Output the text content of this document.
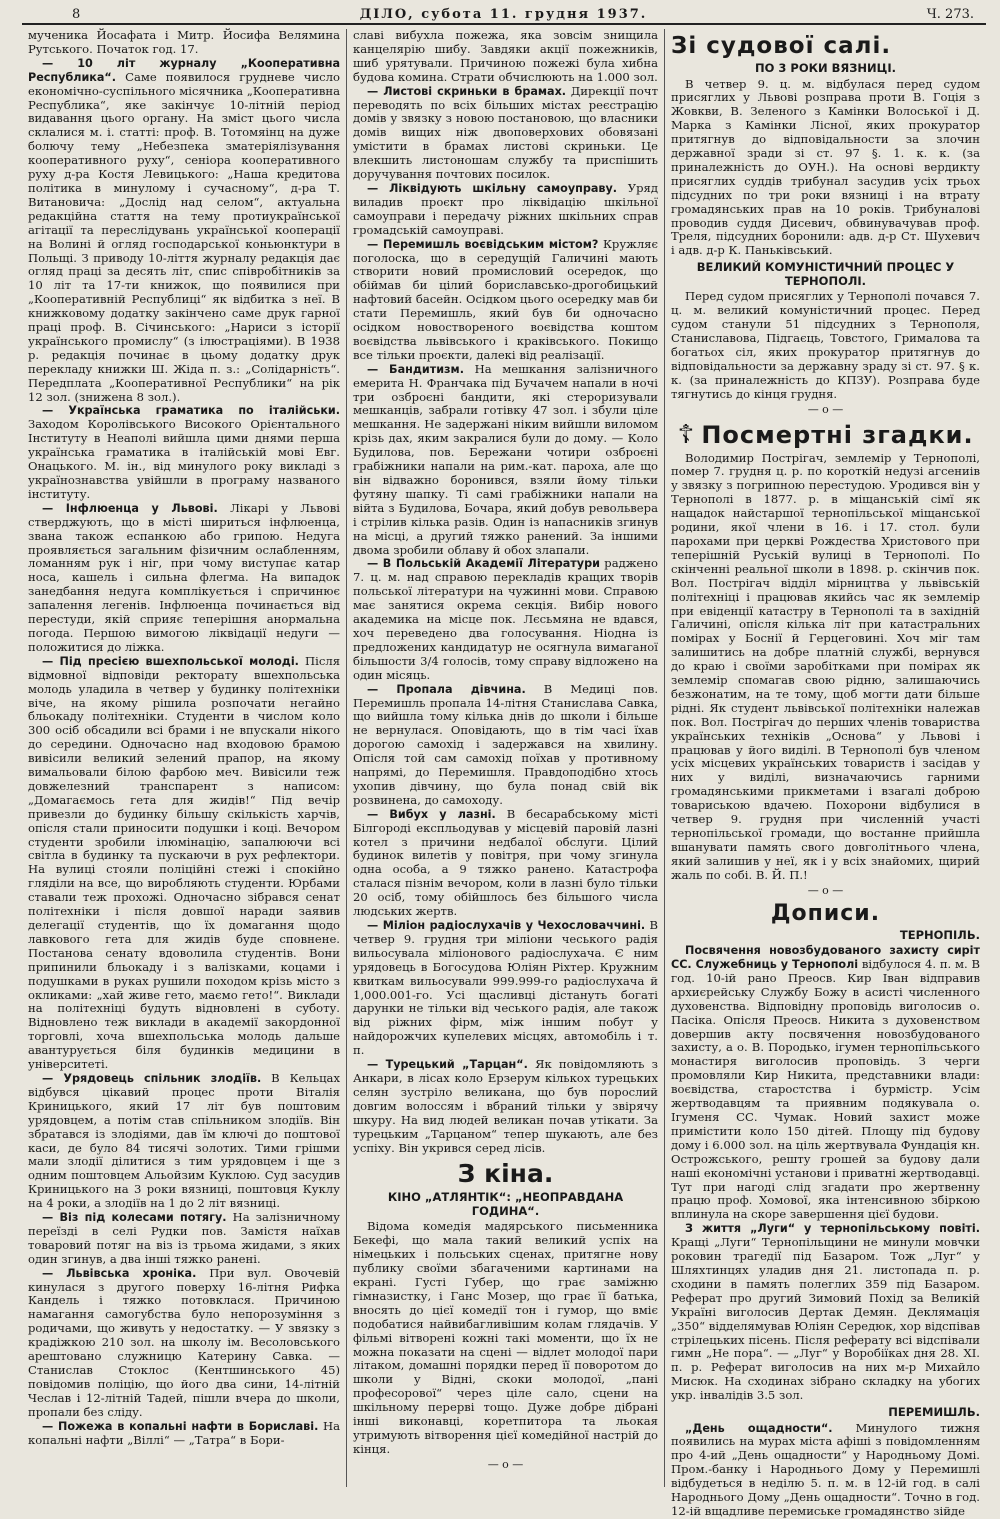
8	ДІЛО, субота 11. грудня 1937.	Ч. 273.

мученика Йосафата і Митр. Йосифа Велямина Рутського. Початок год. 17.

— 10 літ журналу „Кооперативна Республика“. Саме появилося грудневе число економічно-суспільного місячника „Кооперативна Республика“, яке закінчує 10-літній період видавання цього органу. На зміст цього числа склалися м. і. статті: проф. В. Тотомяінц на дуже болючу тему „Небезпека зматеріялізування кооперативного руху“, сеніора кооперативного руху д-ра Костя Левицького: „Наша кредитова політика в минулому і сучасному“, д-ра Т. Витановича: „Дослід над селом“, актуальна редакційна стаття на тему протиукраїнської агітації та переслідувань української кооперації на Волині й огляд господарської коньюнктури в Польщі. З приводу 10-ліття журналу редакція дає огляд праці за десять літ, спис співробітників за 10 літ та 17-ти книжок, що появилися при „Кооперативній Республиці“ як відбитка з неї. В книжковому додатку закінчено саме друк гарної праці проф. В. Січинського: „Нариси з історії українського промислу“ (з ілюстраціями). В 1938 р. редакція починає в цьому додатку друк перекладу книжки Ш. Жіда п. з.: „Солідарність“. Передплата „Кооперативної Республики“ на рік 12 зол. (знижена 8 зол.).

— Українська граматика по італійськи. Заходом Королівського Високого Орієнтального Інституту в Неаполі вийшла цими днями перша українська граматика в італійській мові Евг. Онацького. М. ін., від минулого року викладі з українознавства увійшли в програму названого інституту.

— Інфлюенца у Львові. Лікарі у Львові стверджують, що в місті шириться інфлюенца, звана також еспанкою або грипою. Недуга проявляється загальним фізичним ослабленням, ломанням рук і ніг, при чому виступає катар носа, кашель і сильна флегма. На випадок занедбання недуга комплікується і спричинює запалення легенів. Інфлюенца починається від перестуди, якій сприяє теперішня анормальна погода. Першою вимогою ліквідації недуги — положитися до ліжка.

— Під пресією вшехпольської молоді. Після відмовної відповіди ректорату вшехпольська молодь уладила в четвер у будинку політехніки віче, на якому рішила розпочати негайно бльокаду політехніки. Студенти в числом коло 300 осіб обсадили всі брами і не впускали нікого до середини. Одночасно над входовою брамою вивісили великий зелений прапор, на якому вимальовали білою фарбою меч. Вивісили теж довжелезний транспарент з написом: „Домагаємось гета для жидів!“ Під вечір привезли до будинку більшу скількість харчів, опісля стали приносити подушки і коці. Вечором студенти зробили ілюмінацію, запалюючи всі світла в будинку та пускаючи в рух рефлектори. На вулиці стояли поліційні стежі і спокійно гляділи на все, що виробляють студенти. Юрбами ставали теж прохожі. Одночасно зібрався сенат політехніки і після довшої наради заявив делегації студентів, що їх домагання щодо лавкового гета для жидів буде сповнене. Постанова сенату вдоволила студентів. Вони припинили бльокаду і з валізками, коцами і подушками в руках рушили походом крізь місто з окликами: „хай живе гето, маємо гето!“. Виклади на політехніці будуть відновлені в суботу. Відновлено теж виклади в академії закордонної торговлі, хоча вшехпольська молодь дальше авантурується біля будинків медицини в університеті.

— Урядовець спільник злодіїв. В Кельцах відбувся цікавий процес проти Віталія Криницького, який 17 літ був поштовим урядовцем, а потім став спільником злодіїв. Він збратався із злодіями, дав їм ключі до поштової каси, де було 84 тисячі золотих. Тими грішми мали злодії ділитися з тим урядовцем і ще з одним поштовцем Альойзим Куклою. Суд засудив Криницького на 3 роки вязниці, поштовця Куклу на 4 роки, а злодіїв на 1 до 2 літ вязниці.

— Віз під колесами потягу. На залізничному переїзді в селі Рудки пов. Замістя наїхав товаровий потяг на віз із трьома жидами, з яких один згинув, а два інші тяжко ранені.

— Львівська хроніка. При вул. Овочевій кинулася з другого поверху 16-літня Рифка Кандель і тяжко потовклася. Причиною намагання самогубства було непорозуміння з родичами, що живуть у недостатку. — У звязку з крадіжкою 210 зол. на школу ім. Весоловського арештовано служницю Катерину Савка. — Станислав Стоклос (Кентшинського 45) повідомив поліцію, що його два сини, 14-літній Чеслав і 12-літній Тадей, пішли вчера до школи, пропали без сліду.

— Пожежа в копальні нафти в Бориславі. На копальні нафти „Віллі“ — „Татра“ в Бори-

славі вибухла пожежа, яка зовсім знищила канцелярію шибу. Завдяки акції пожежників, шиб урятували. Причиною пожежі була хибна будова комина. Страти обчислюють на 1.000 зол.

— Листові скриньки в брамах. Дирекції почт переводять по всіх більших містах реєстрацію домів у звязку з новою постановою, що власники домів вищих ніж двоповерхових обовязані умістити в брамах листові скриньки. Це влекшить листоношам службу та приспішить доручування почтових посилок.

— Ліквідують шкільну самоуправу. Уряд виладив проєкт про ліквідацію шкільної самоуправи і передачу ріжних шкільних справ громадській самоуправі.

— Перемишль воєвідським містом? Кружляє поголоска, що в середущій Галичині мають створити новий промисловий осередок, що обіймав би цілий бориславсько-дрогобицький нафтовий басейн. Осідком цього осередку мав би стати Перемишль, який був би одночасно осідком новоствореного воєвідства коштом воєвідства львівського і краківського. Покищо все тільки проєкти, далекі від реалізації.

— Бандитизм. На мешкання залізничного емерита Н. Франчака під Бучачем напали в ночі три озброєні бандити, які стероризували мешканців, забрали готівку 47 зол. і збули ціле мешкання. Не задержані ніким вийшли виломом крізь дах, яким закралися були до дому. — Коло Будилова, пов. Бережани чотири озброєні грабіжники напали на рим.-кат. пароха, але що він відважно боронився, взяли йому тільки футяну шапку. Ті самі грабіжники напали на війта з Будилова, Бочара, який добув револьвера і стрілив кілька разів. Один із напасників згинув на місці, а другий тяжко ранений. За іншими двома зробили облаву й обох злапали.

— В Польській Академії Літератури раджено 7. ц. м. над справою перекладів кращих творів польської літератури на чужинні мови. Справою має занятися окрема секція. Вибір нового академика на місце пок. Лєсьмяна не вдався, хоч переведено два голосування. Ніодна із предложених кандидатур не осягнула вимаганої більшости 3/4 голосів, тому справу відложено на один місяць.

— Пропала дівчина. В Медиці пов. Перемишль пропала 14-літня Станислава Савка, що вийшла тому кілька днів до школи і більше не вернулася. Оповідають, що в тім часі їхав дорогою самохід і задержався на хвилину. Опісля той сам самохід поїхав у противному напрямі, до Перемишля. Правдоподібно хтось ухопив дівчину, що була понад свій вік розвинена, до самоходу.

— Вибух у лазні. В бесарабському місті Білгороді експльодував у місцевій паровій лазні котел з причини недбалої обслуги. Цілий будинок вилетів у повітря, при чому згинула одна особа, а 9 тяжко ранено. Катастрофа сталася пізнім вечором, коли в лазні було тільки 20 осіб, тому обійшлось без більшого числа людських жертв.

— Міліон радіослухачів у Чехословаччині. В четвер 9. грудня три міліони чеського радія вильосувала міліонового радіослухача. Є ним урядовець в Богосудова Юліян Ріхтер. Кружним квиткам вильосували 999.999-го радіослухача й 1,000.001-го. Усі щасливці дістануть богаті дарунки не тільки від чеського радія, але також від ріжних фірм, між іншим побут у найдорожчих купелевих місцях, автомобіль і т. п.

— Турецький „Тарцан“. Як повідомляють з Анкари, в лісах коло Ерзерум кількох турецьких селян зустріло великана, що був порослий довгим волоссям і вбраний тільки у звірячу шкуру. На вид людей великан почав утікати. За турецьким „Тарцаном“ тепер шукають, але без успіху. Він укрився серед лісів.

З кіна.
КІНО „АТЛЯНТІК“: „НЕОПРАВДАНА ГОДИНА“.

Відома комедія мадярського письменника Бекефі, що мала такий великий успіх на німецьких і польських сценах, притягне нову публику своїми збагаченими картинами на екрані. Густі Губер, що грає заміжню гімназистку, і Ганс Мозер, що грає її батька, вносять до цієї комедії тон і гумор, що вміє подобатися найвибагливішим колам глядачів. У фільмі вітворені кожні такі моменти, що їх не можна показати на сцені — відлет молодої пари літаком, домашні порядки перед її поворотом до школи у Відні, скоки молодої, „пані професорової“ через ціле сало, сцени на шкільному перерві тощо. Дуже добре дібрані інші виконавці, коретпитора та льокая утримують вітворення цієї комедійної настрій до кінця.

— o —
Зі судової салі.
ПО 3 РОКИ ВЯЗНИЦІ.

В четвер 9. ц. м. відбулася перед судом присяглих у Львові розправа проти В. Гоція з Жовкви, В. Зеленого з Камінки Волоської і Д. Марка з Камінки Лісної, яких прокуратор притягнув до відповідальности за злочин державної зради зі ст. 97 §. 1. к. к. (за приналежність до ОУН.). На основі вердикту присяглих суддів трибунал засудив усіх трьох підсудних по три роки вязниці і на втрату громадянських прав на 10 років. Трибуналові проводив суддя Дисевич, обвинувачував проф. Треля, підсудних боронили: адв. д-р Ст. Шухевич і адв. д-р К. Паньківський.

ВЕЛИКИЙ КОМУНІСТИЧНИЙ ПРОЦЕС У ТЕРНОПОЛІ.

Перед судом присяглих у Тернополі почався 7. ц. м. великий комуністичний процес. Перед судом станули 51 підсудних з Тернополя, Станиславова, Підгаєць, Товстого, Грималова та богатьох сіл, яких прокуратор притягнув до відповідальности за державну зраду зі ст. 97. § к. к. (за приналежність до КПЗУ). Розправа буде тягнутись до кінця грудня.

— o —
☦ Посмертні згадки.

Володимир Пострігач, землемір у Тернополі, помер 7. грудня ц. р. по короткій недузі агсениів у звязку з погрипною перестудою. Уродився він у Тернополі в 1877. р. в міщанській сімї як нащадок найстаршої тернопільської міщанської родини, якої члени в 16. і 17. стол. були парохами при церкві Рождества Христового при теперішній Руській вулиці в Тернополі. По скінченні реальної школи в 1898. р. скінчив пок. Вол. Пострігач відділ мірництва у львівській політехніці і працював якийсь час як землемір при евіденції катастру в Тернополі та в західній Галичині, опісля кілька літ при катастральних помірах у Боснії й Герцеговині. Хоч міг там залишитись на добре платній службі, вернувся до краю і своїми заробітками при помірах як землемір спомагав свою рідню, залишаючись безжонатим, на те тому, щоб могти дати більше рідні. Як студент львівської політехніки належав пок. Вол. Пострігач до перших членів товариства українських техніків „Основа“ у Львові і працював у його виділі. В Тернополі був членом усіх місцевих українських товариств і засідав у них у виділі, визначаючись гарними громадянськими прикметами і взагалі доброю товариською вдачею. Похорони відбулися в четвер 9. грудня при численній участі тернопільської громади, що востанне прийшла вшанувати память свого довголітнього члена, який залишив у неї, як і у всіх знайомих, щирий жаль по собі. В. Й. П.!

— o —
Дописи.
ТЕРНОПІЛЬ.

Посвячення новозбудованого захисту сиріт СС. Служебниць у Тернополі відбулося 4. п. м. В год. 10-ій рано Преосв. Кир Іван відправив архиєрейську Службу Божу в асисті численного духовенства. Відповідну проповідь виголосив о. Пасіка. Опісля Преосв. Никита з духовенством довершив акту посвячення новозбудованого захисту, а о. В. Породько, ігумен тернопільського монастиря виголосив проповідь. З черги промовляли Кир Никита, представники влади: воєвідства, старостства і бурмістр. Усім жертводавцям та приявним подякувала о. Ігуменя СС. Чумак. Новий захист може примістити коло 150 дітей. Площу під будову дому і 6.000 зол. на ціль жертвувала Фундація кн. Острожського, решту грошей за будову дали наші економічні установи і приватні жертводавці. Тут при нагоді слід згадати про жертвенну працю проф. Хомової, яка інтенсивною збіркою вплинула на скоре завершення цієї будови.

З життя „Луги“ у тернопільському повіті. Кращі „Луги“ Тернопільщини не минули мовчки роковин трагедії під Базаром. Тож „Луг“ у Шляхтинцях уладив дня 21. листопада п. р. сходини в память полеглих 359 під Базаром. Реферат про другий Зимовий Похід за Великій Україні виголосив Дертак Демян. Деклямація „350“ відделямував Юліян Середюк, хор відспівав стрілецьких пісень. Після реферату всі відспівали гимн „Не пора“. — „Луг“ у Воробіїках дня 28. XI. п. р. Реферат виголосив на них м-р Михайло Мисюк. На сходинах зібрано складку на убогих укр. інвалідів 3.5 зол.

ПЕРЕМИШЛЬ.

„День ощадности“. Минулого тижня появились на мурах міста афіші з повідомленням про 4-ий „День ощадности“ у Народньому Домі. Пром.-банку і Народнього Дому у Перемишлі відбудеться в неділю 5. п. м. в 12-ій год. в салі Народнього Дому „День ощадности“. Точно в год. 12-ій вщадливе перемиське громадянство зійде
